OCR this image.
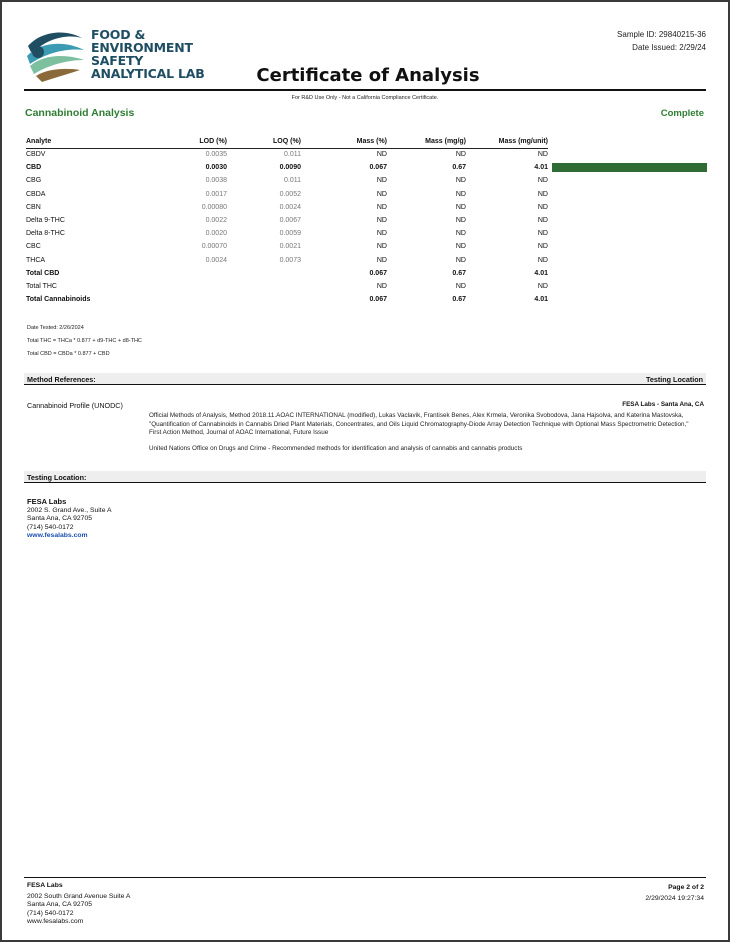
FOOD &
ENVIRONMENT
SAFETY
ANALYTICAL LAB
Sample ID: 29840215-36
Date Issued: 2/29/24
Certificate of Analysis
For R&D Use Only - Not a California Compliance Certificate.
Cannabinoid Analysis	Complete
Analyte	LOD (%)	LOQ (%)	Mass (%)	Mass (mg/g)	Mass (mg/unit)	
CBDV	0.0035	0.011	ND	ND	ND	
CBD	0.0030	0.0090	0.067	0.67	4.01	
CBG	0.0038	0.011	ND	ND	ND	
CBDA	0.0017	0.0052	ND	ND	ND	
CBN	0.00080	0.0024	ND	ND	ND	
Delta 9-THC	0.0022	0.0067	ND	ND	ND	
Delta 8-THC	0.0020	0.0059	ND	ND	ND	
CBC	0.00070	0.0021	ND	ND	ND	
THCA	0.0024	0.0073	ND	ND	ND	
Total CBD			0.067	0.67	4.01	
Total THC			ND	ND	ND	
Total Cannabinoids			0.067	0.67	4.01	
Date Tested: 2/26/2024
Total THC = THCa * 0.877 + d9-THC + d8-THC
Total CBD = CBDa * 0.877 + CBD
Method References:	Testing Location
Cannabinoid Profile (UNODC)	FESA Labs - Santa Ana, CA

Official Methods of Analysis, Method 2018.11.AOAC INTERNATIONAL (modified), Lukas Vaclavik, Frantisek Benes, Alex Krmela, Veronika Svobodova, Jana Hajsolva, and Katerina Mastovska, "Quantification of Cannabinoids in Cannabis Dried Plant Materials, Concentrates, and Oils Liquid Chromatography-Diode Array Detection Technique with Optional Mass Spectrometric Detection," First Action Method, Journal of AOAC International, Future Issue

United Nations Office on Drugs and Crime - Recommended methods for identification and analysis of cannabis and cannabis products

Testing Location:
FESA Labs
2002 S. Grand Ave., Suite A
Santa Ana, CA 92705
(714) 540-0172
www.fesalabs.com
FESA Labs
2002 South Grand Avenue Suite A
Santa Ana, CA 92705
(714) 540-0172
www.fesalabs.com
Page 2 of 2
2/29/2024 19:27:34
